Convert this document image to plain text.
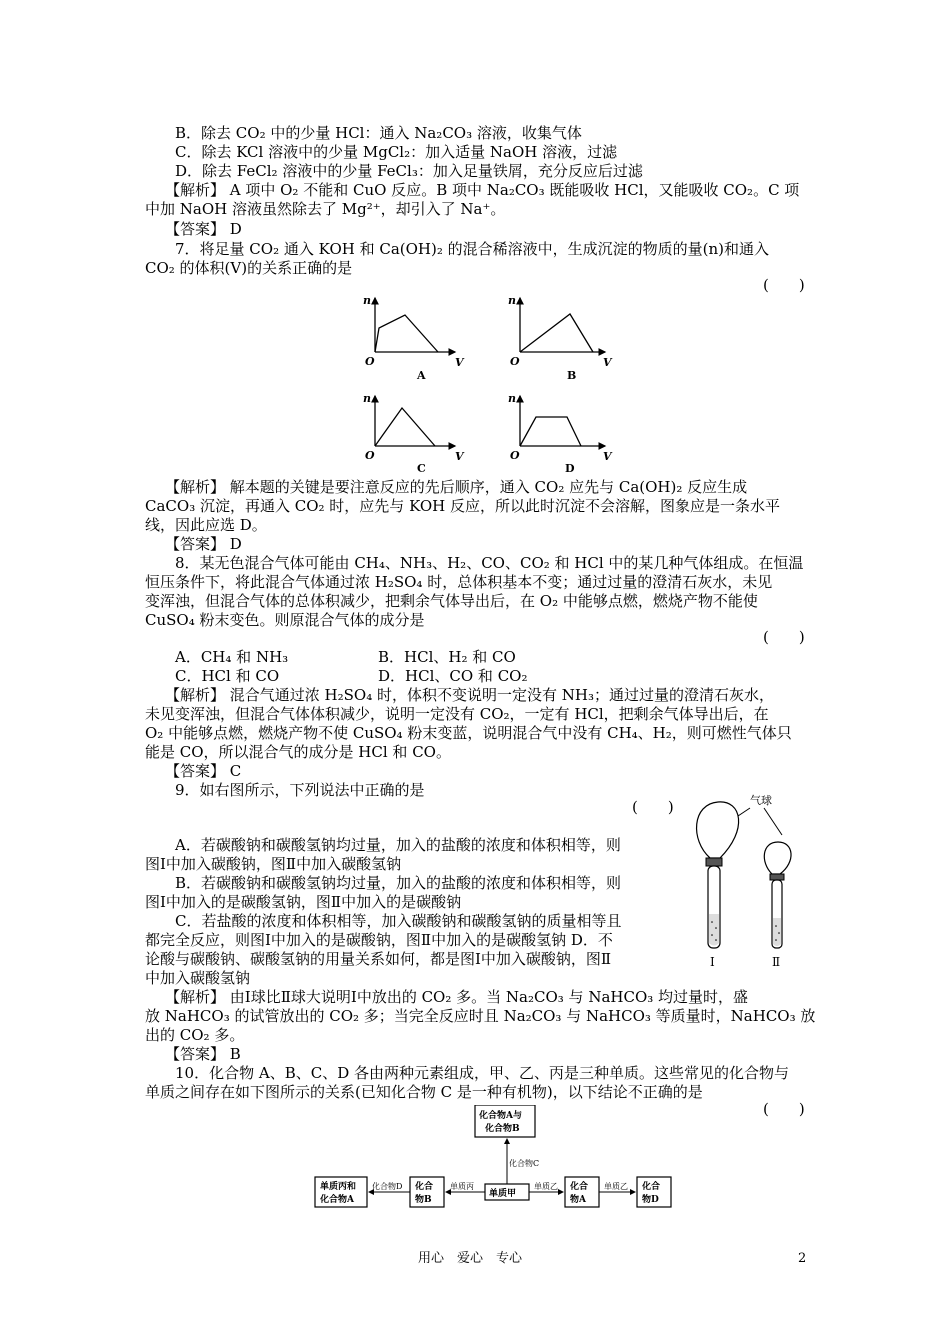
B．除去 CO₂ 中的少量 HCl：通入 Na₂CO₃ 溶液，收集气体
C．除去 KCl 溶液中的少量 MgCl₂：加入适量 NaOH 溶液，过滤
D．除去 FeCl₂ 溶液中的少量 FeCl₃：加入足量铁屑，充分反应后过滤
【解析】 A 项中 O₂ 不能和 CuO 反应。B 项中 Na₂CO₃ 既能吸收 HCl，又能吸收 CO₂。C 项
中加 NaOH 溶液虽然除去了 Mg²⁺，却引入了 Na⁺。
【答案】 D
7．将足量 CO₂ 通入 KOH 和 Ca(OH)₂ 的混合稀溶液中，生成沉淀的物质的量(n)和通入
CO₂ 的体积(V)的关系正确的是
(　　)
n
O	V
n
O	V
n
O	V
n
O	V
A	B
C	D
【解析】 解本题的关键是要注意反应的先后顺序，通入 CO₂ 应先与 Ca(OH)₂ 反应生成
CaCO₃ 沉淀，再通入 CO₂ 时，应先与 KOH 反应，所以此时沉淀不会溶解，图象应是一条水平
线，因此应选 D。
【答案】 D
8．某无色混合气体可能由 CH₄、NH₃、H₂、CO、CO₂ 和 HCl 中的某几种气体组成。在恒温
恒压条件下，将此混合气体通过浓 H₂SO₄ 时，总体积基本不变；通过过量的澄清石灰水，未见
变浑浊，但混合气体的总体积减少，把剩余气体导出后，在 O₂ 中能够点燃，燃烧产物不能使
CuSO₄ 粉末变色。则原混合气体的成分是
(　　)
A．CH₄ 和 NH₃	B．HCl、H₂ 和 CO
C．HCl 和 CO	D．HCl、CO 和 CO₂
【解析】 混合气通过浓 H₂SO₄ 时，体积不变说明一定没有 NH₃；通过过量的澄清石灰水，
未见变浑浊，但混合气体体积减少，说明一定没有 CO₂，一定有 HCl，把剩余气体导出后，在
O₂ 中能够点燃，燃烧产物不使 CuSO₄ 粉末变蓝，说明混合气中没有 CH₄、H₂，则可燃性气体只
能是 CO，所以混合气的成分是 HCl 和 CO。
【答案】 C
9．如右图所示，下列说法中正确的是
(　　)
A．若碳酸钠和碳酸氢钠均过量，加入的盐酸的浓度和体积相等，则
图Ⅰ中加入碳酸钠，图Ⅱ中加入碳酸氢钠
B．若碳酸钠和碳酸氢钠均过量，加入的盐酸的浓度和体积相等，则
图Ⅰ中加入的是碳酸氢钠，图Ⅱ中加入的是碳酸钠
C．若盐酸的浓度和体积相等，加入碳酸钠和碳酸氢钠的质量相等且
都完全反应，则图Ⅰ中加入的是碳酸钠，图Ⅱ中加入的是碳酸氢钠 D．不
论酸与碳酸钠、碳酸氢钠的用量关系如何，都是图Ⅰ中加入碳酸钠，图Ⅱ
中加入碳酸氢钠
气球
Ⅰ	Ⅱ
【解析】 由Ⅰ球比Ⅱ球大说明Ⅰ中放出的 CO₂ 多。当 Na₂CO₃ 与 NaHCO₃ 均过量时，盛
放 NaHCO₃ 的试管放出的 CO₂ 多；当完全反应时且 Na₂CO₃ 与 NaHCO₃ 等质量时，NaHCO₃ 放
出的 CO₂ 多。
【答案】 B
10．化合物 A、B、C、D 各由两种元素组成，甲、乙、丙是三种单质。这些常见的化合物与
单质之间存在如下图所示的关系(已知化合物 C 是一种有机物)，以下结论不正确的是
(　　)
化合物A与
化合物B
单质丙和
化合物A
化合
物B
单质甲
化合
物A
化合
物D
化合物C
化合物D	单质丙	单质乙	单质乙
用心　爱心　专心	2
